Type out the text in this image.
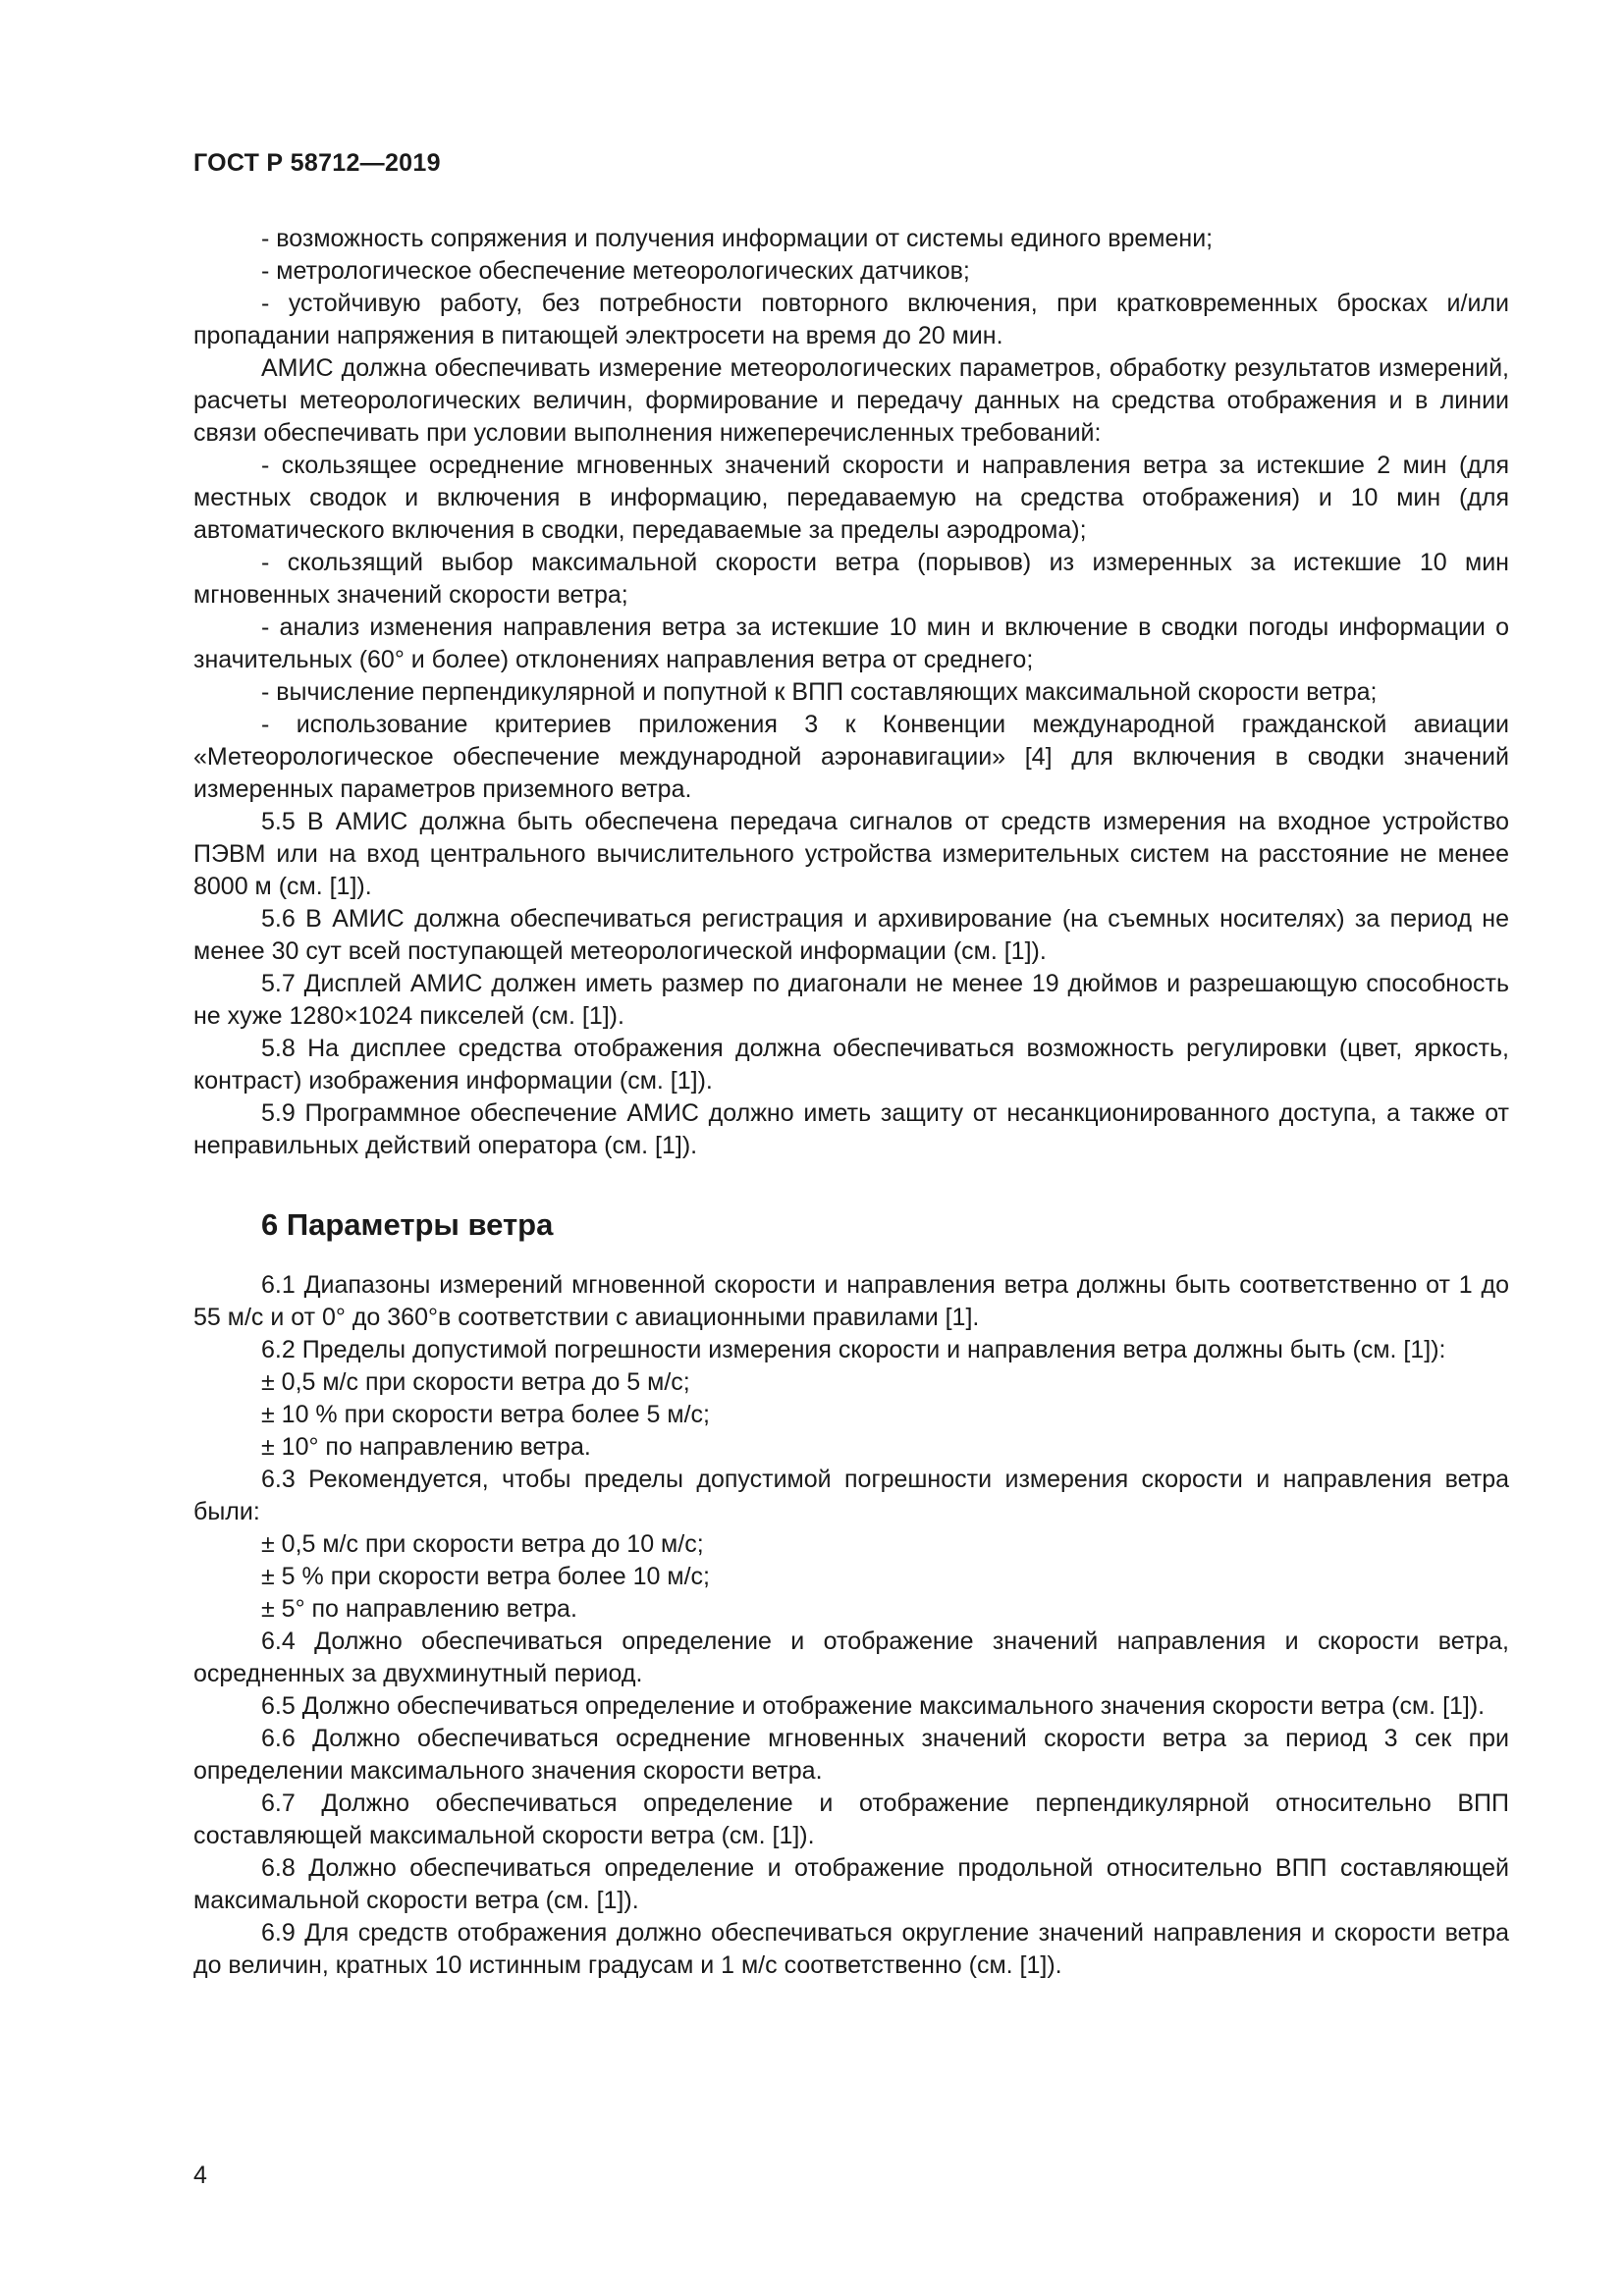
ГОСТ Р 58712—2019

- возможность сопряжения и получения информации от системы единого времени;

- метрологическое обеспечение метеорологических датчиков;

- устойчивую работу, без потребности повторного включения, при кратковременных бросках и/или пропадании напряжения в питающей электросети на время до 20 мин.

АМИС должна обеспечивать измерение метеорологических параметров, обработку результатов измерений, расчеты метеорологических величин, формирование и передачу данных на средства отображения и в линии связи обеспечивать при условии выполнения нижеперечисленных требований:

- скользящее осреднение мгновенных значений скорости и направления ветра за истекшие 2 мин (для местных сводок и включения в информацию, передаваемую на средства отображения) и 10 мин (для автоматического включения в сводки, передаваемые за пределы аэродрома);

- скользящий выбор максимальной скорости ветра (порывов) из измеренных за истекшие 10 мин мгновенных значений скорости ветра;

- анализ изменения направления ветра за истекшие 10 мин и включение в сводки погоды информации о значительных (60° и более) отклонениях направления ветра от среднего;

- вычисление перпендикулярной и попутной к ВПП составляющих максимальной скорости ветра;

- использование критериев приложения 3 к Конвенции международной гражданской авиации «Метеорологическое обеспечение международной аэронавигации» [4] для включения в сводки значений измеренных параметров приземного ветра.

5.5 В АМИС должна быть обеспечена передача сигналов от средств измерения на входное устройство ПЭВМ или на вход центрального вычислительного устройства измерительных систем на расстояние не менее 8000 м (см. [1]).

5.6 В АМИС должна обеспечиваться регистрация и архивирование (на съемных носителях) за период не менее 30 сут всей поступающей метеорологической информации (см. [1]).

5.7 Дисплей АМИС должен иметь размер по диагонали не менее 19 дюймов и разрешающую способность не хуже 1280×1024 пикселей (см. [1]).

5.8 На дисплее средства отображения должна обеспечиваться возможность регулировки (цвет, яркость, контраст) изображения информации (см. [1]).

5.9 Программное обеспечение АМИС должно иметь защиту от несанкционированного доступа, а также от неправильных действий оператора (см. [1]).

6 Параметры ветра

6.1 Диапазоны измерений мгновенной скорости и направления ветра должны быть соответственно от 1 до 55 м/с и от 0° до 360°в соответствии с авиационными правилами [1].

6.2 Пределы допустимой погрешности измерения скорости и направления ветра должны быть (см. [1]):

± 0,5 м/с при скорости ветра до 5 м/с;

± 10 % при скорости ветра более 5 м/с;

± 10° по направлению ветра.

6.3 Рекомендуется, чтобы пределы допустимой погрешности измерения скорости и направления ветра были:

± 0,5 м/с при скорости ветра до 10 м/с;

± 5 % при скорости ветра более 10 м/с;

± 5° по направлению ветра.

6.4 Должно обеспечиваться определение и отображение значений направления и скорости ветра, осредненных за двухминутный период.

6.5 Должно обеспечиваться определение и отображение максимального значения скорости ветра (см. [1]).

6.6 Должно обеспечиваться осреднение мгновенных значений скорости ветра за период 3 сек при определении максимального значения скорости ветра.

6.7 Должно обеспечиваться определение и отображение перпендикулярной относительно ВПП составляющей максимальной скорости ветра (см. [1]).

6.8 Должно обеспечиваться определение и отображение продольной относительно ВПП составляющей максимальной скорости ветра (см. [1]).

6.9 Для средств отображения должно обеспечиваться округление значений направления и скорости ветра до величин, кратных 10 истинным градусам и 1 м/с соответственно (см. [1]).

4
